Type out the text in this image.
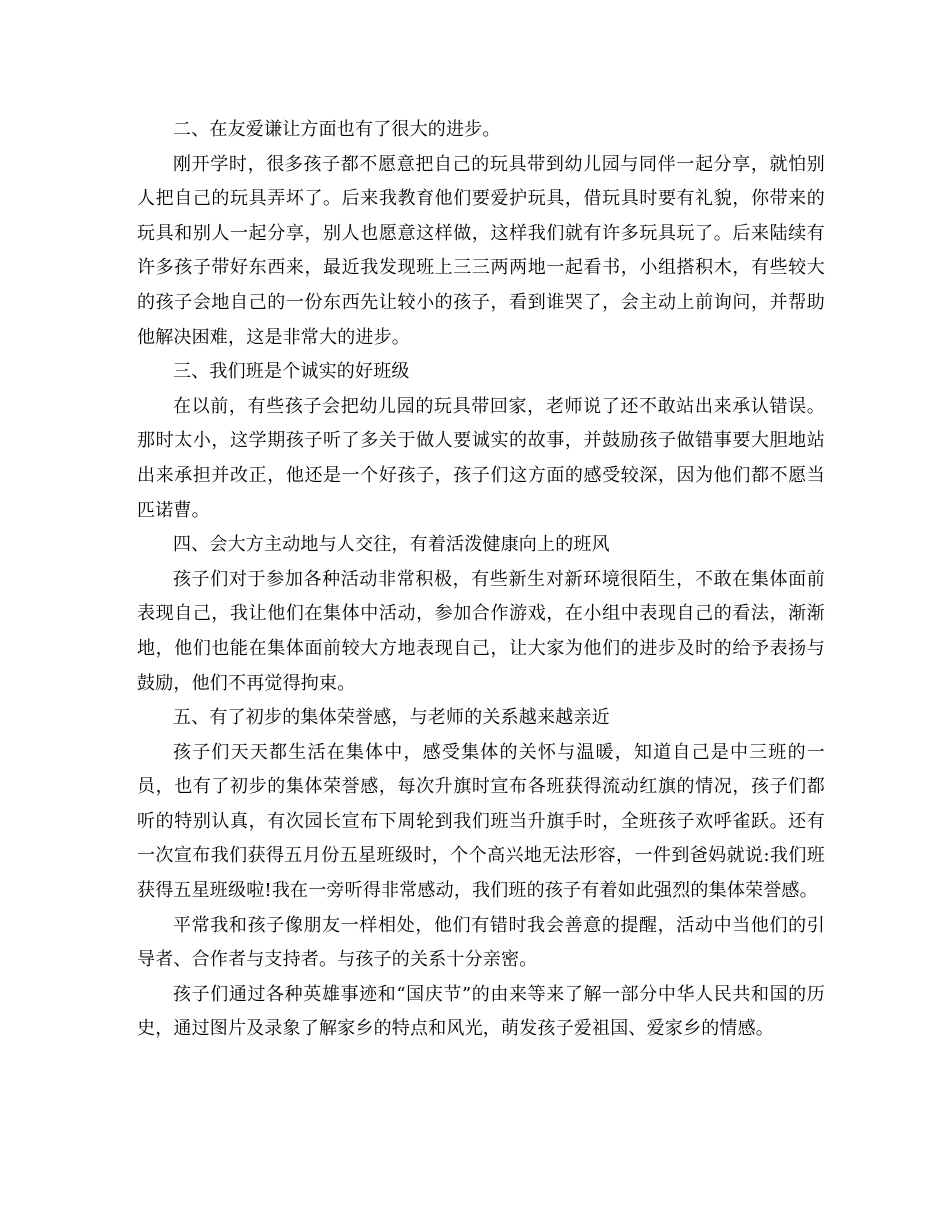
二、在友爱谦让方面也有了很大的进步。

刚开学时，很多孩子都不愿意把自己的玩具带到幼儿园与同伴一起分享，就怕别人把自己的玩具弄坏了。后来我教育他们要爱护玩具，借玩具时要有礼貌，你带来的玩具和别人一起分享，别人也愿意这样做，这样我们就有许多玩具玩了。后来陆续有许多孩子带好东西来，最近我发现班上三三两两地一起看书，小组搭积木，有些较大的孩子会地自己的一份东西先让较小的孩子，看到谁哭了，会主动上前询问，并帮助他解决困难，这是非常大的进步。

三、我们班是个诚实的好班级

在以前，有些孩子会把幼儿园的玩具带回家，老师说了还不敢站出来承认错误。那时太小，这学期孩子听了多关于做人要诚实的故事，并鼓励孩子做错事要大胆地站出来承担并改正，他还是一个好孩子，孩子们这方面的感受较深，因为他们都不愿当匹诺曹。

四、会大方主动地与人交往，有着活泼健康向上的班风

孩子们对于参加各种活动非常积极，有些新生对新环境很陌生，不敢在集体面前表现自己，我让他们在集体中活动，参加合作游戏，在小组中表现自己的看法，渐渐地，他们也能在集体面前较大方地表现自己，让大家为他们的进步及时的给予表扬与鼓励，他们不再觉得拘束。

五、有了初步的集体荣誉感，与老师的关系越来越亲近

孩子们天天都生活在集体中，感受集体的关怀与温暖，知道自己是中三班的一员，也有了初步的集体荣誉感，每次升旗时宣布各班获得流动红旗的情况，孩子们都听的特别认真，有次园长宣布下周轮到我们班当升旗手时，全班孩子欢呼雀跃。还有一次宣布我们获得五月份五星班级时，个个高兴地无法形容，一件到爸妈就说:我们班获得五星班级啦!我在一旁听得非常感动，我们班的孩子有着如此强烈的集体荣誉感。

平常我和孩子像朋友一样相处，他们有错时我会善意的提醒，活动中当他们的引导者、合作者与支持者。与孩子的关系十分亲密。

孩子们通过各种英雄事迹和“国庆节”的由来等来了解一部分中华人民共和国的历史，通过图片及录象了解家乡的特点和风光，萌发孩子爱祖国、爱家乡的情感。
